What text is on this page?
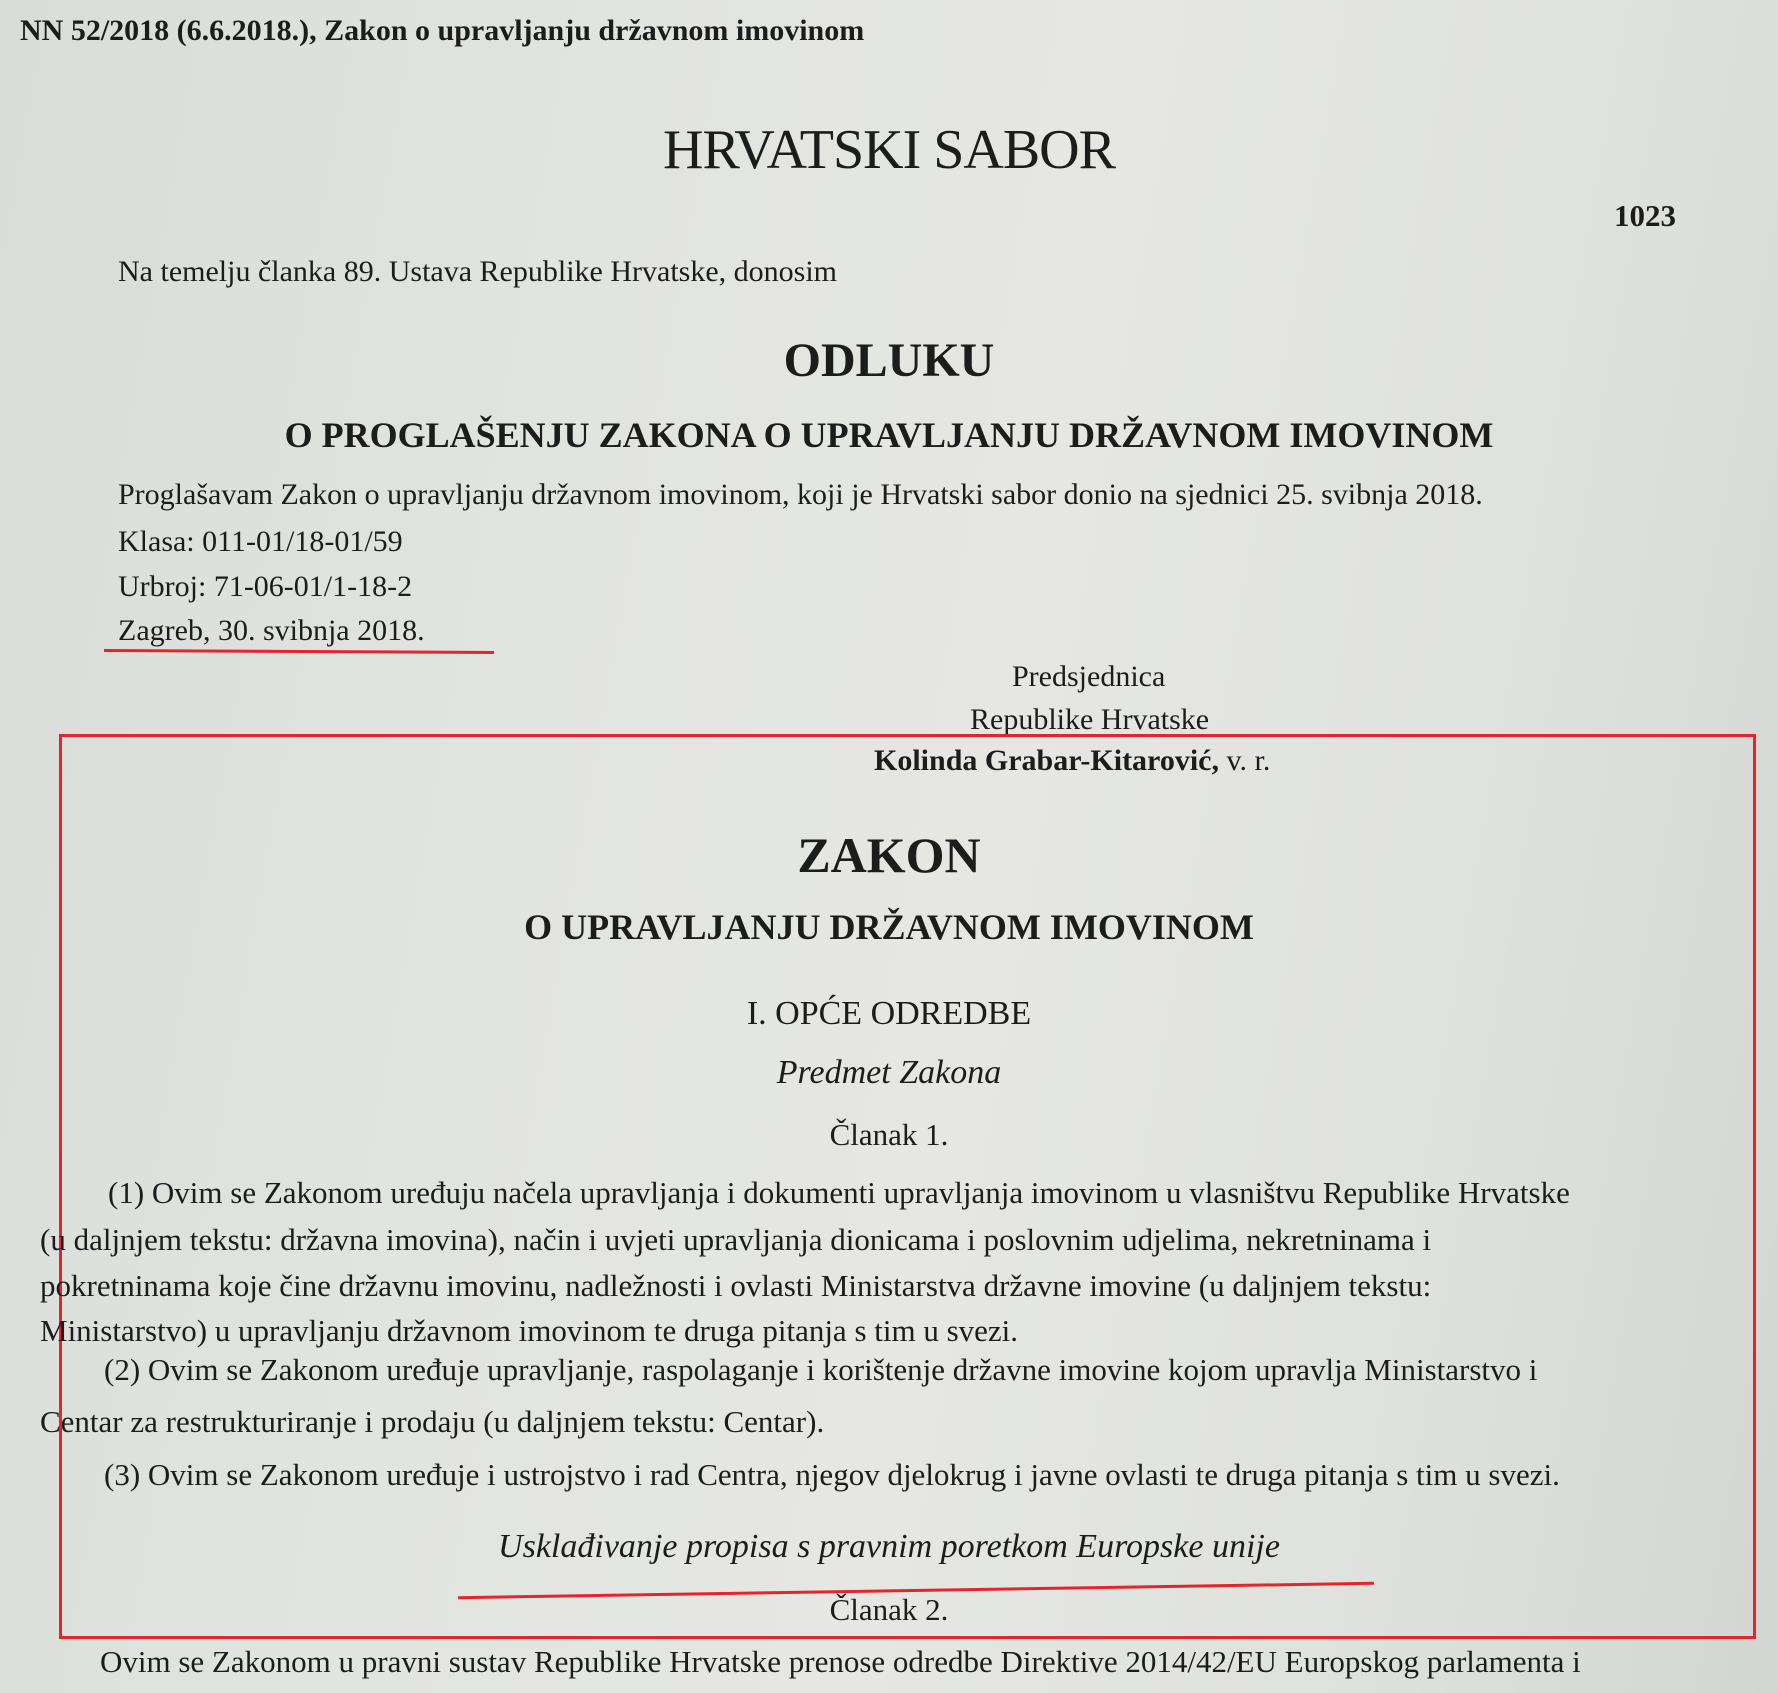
NN 52/2018 (6.6.2018.), Zakon o upravljanju državnom imovinom
HRVATSKI SABOR
1023
Na temelju članka 89. Ustava Republike Hrvatske, donosim
ODLUKU
O PROGLAŠENJU ZAKONA O UPRAVLJANJU DRŽAVNOM IMOVINOM
Proglašavam Zakon o upravljanju državnom imovinom, koji je Hrvatski sabor donio na sjednici 25. svibnja 2018.
Klasa: 011-01/18-01/59
Urbroj: 71-06-01/1-18-2
Zagreb, 30. svibnja 2018.
Predsjednica
Republike Hrvatske
Kolinda Grabar-Kitarović, v. r.
ZAKON
O UPRAVLJANJU DRŽAVNOM IMOVINOM
I. OPĆE ODREDBE
Predmet Zakona
Članak 1.
(1) Ovim se Zakonom uređuju načela upravljanja i dokumenti upravljanja imovinom u vlasništvu Republike Hrvatske
(u daljnjem tekstu: državna imovina), način i uvjeti upravljanja dionicama i poslovnim udjelima, nekretninama i
pokretninama koje čine državnu imovinu, nadležnosti i ovlasti Ministarstva državne imovine (u daljnjem tekstu:
Ministarstvo) u upravljanju državnom imovinom te druga pitanja s tim u svezi.
(2) Ovim se Zakonom uređuje upravljanje, raspolaganje i korištenje državne imovine kojom upravlja Ministarstvo i
Centar za restrukturiranje i prodaju (u daljnjem tekstu: Centar).
(3) Ovim se Zakonom uređuje i ustrojstvo i rad Centra, njegov djelokrug i javne ovlasti te druga pitanja s tim u svezi.
Usklađivanje propisa s pravnim poretkom Europske unije
Članak 2.
Ovim se Zakonom u pravni sustav Republike Hrvatske prenose odredbe Direktive 2014/42/EU Europskog parlamenta i
